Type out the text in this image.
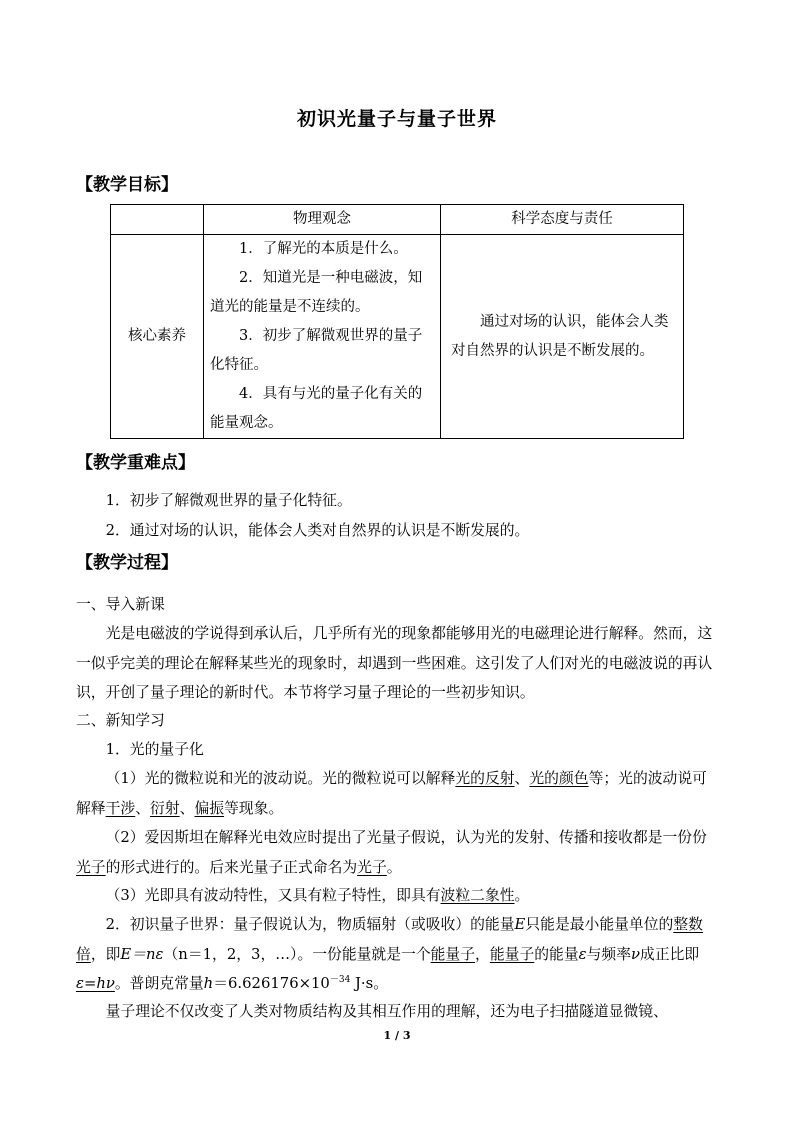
初识光量子与量子世界
【教学目标】
	物理观念	科学态度与责任
核心素养	1．了解光的本质是什么。

2．知道光是一种电磁波，知道光的能量是不连续的。

3．初步了解微观世界的量子化特征。

4．具有与光的量子化有关的能量观念。	通过对场的认识，能体会人类对自然界的认识是不断发展的。

【教学重难点】
1．初步了解微观世界的量子化特征。
2．通过对场的认识，能体会人类对自然界的认识是不断发展的。
【教学过程】
一、导入新课
光是电磁波的学说得到承认后，几乎所有光的现象都能够用光的电磁理论进行解释。然而，这一似乎完美的理论在解释某些光的现象时，却遇到一些困难。这引发了人们对光的电磁波说的再认识，开创了量子理论的新时代。本节将学习量子理论的一些初步知识。
二、新知学习
1．光的量子化
（1）光的微粒说和光的波动说。光的微粒说可以解释光的反射、光的颜色等；光的波动说可解释干涉、衍射、偏振等现象。
（2）爱因斯坦在解释光电效应时提出了光量子假说，认为光的发射、传播和接收都是一份份光子的形式进行的。后来光量子正式命名为光子。
（3）光即具有波动特性，又具有粒子特性，即具有波粒二象性。
2．初识量子世界：量子假说认为，物质辐射（或吸收）的能量E只能是最小能量单位的整数倍，即E＝nε（n＝1，2，3，…）。一份能量就是一个能量子，能量子的能量ε与频率ν成正比即ε=hν。普朗克常量$h=6.626176\times 10^{-34}$ J·s。
量子理论不仅改变了人类对物质结构及其相互作用的理解，还为电子扫描隧道显微镜、
1 / 3
